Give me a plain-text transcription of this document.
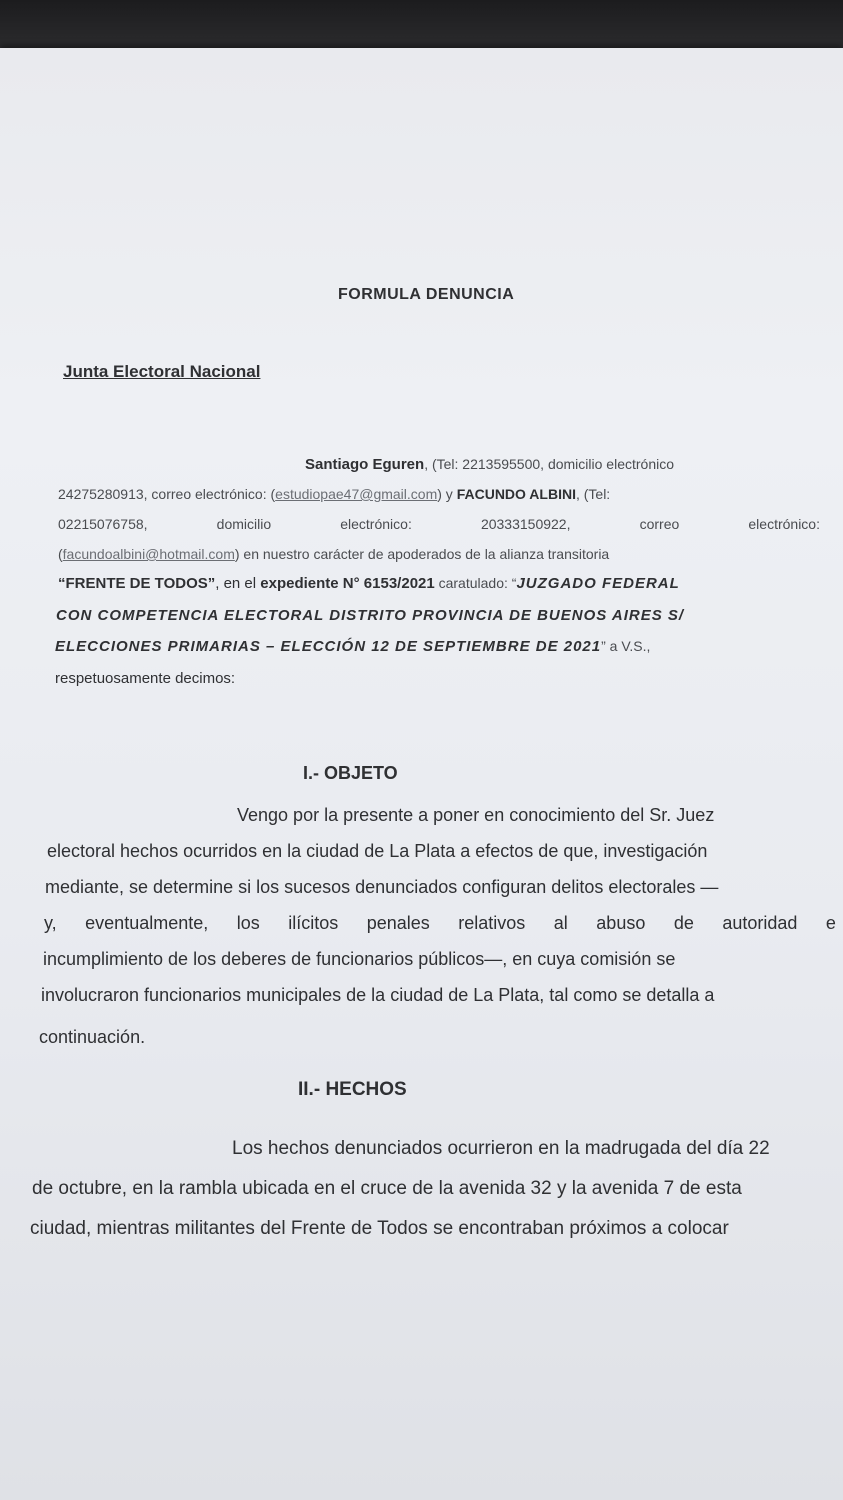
FORMULA DENUNCIA
Junta Electoral Nacional
Santiago Eguren, (Tel: 2213595500, domicilio electrónico
24275280913, correo electrónico: (estudiopae47@gmail.com) y FACUNDO ALBINI, (Tel:
02215076758,	domicilio	electrónico:	20333150922,	correo	electrónico:
(facundoalbini@hotmail.com) en nuestro carácter de apoderados de la alianza transitoria
“FRENTE DE TODOS”, en el expediente N° 6153/2021 caratulado: “JUZGADO FEDERAL
CON COMPETENCIA ELECTORAL DISTRITO PROVINCIA DE BUENOS AIRES S/
ELECCIONES PRIMARIAS – ELECCIÓN 12 DE SEPTIEMBRE DE 2021” a V.S.,
respetuosamente decimos:
I.- OBJETO
Vengo por la presente a poner en conocimiento del Sr. Juez
electoral hechos ocurridos en la ciudad de La Plata a efectos de que, investigación
mediante, se determine si los sucesos denunciados configuran delitos electorales —
y, eventualmente, los ilícitos penales relativos al abuso de autoridad e
incumplimiento de los deberes de funcionarios públicos—, en cuya comisión se
involucraron funcionarios municipales de la ciudad de La Plata, tal como se detalla a
continuación.
II.- HECHOS
Los hechos denunciados ocurrieron en la madrugada del día 22
de octubre, en la rambla ubicada en el cruce de la avenida 32 y la avenida 7 de esta
ciudad, mientras militantes del Frente de Todos se encontraban próximos a colocar
